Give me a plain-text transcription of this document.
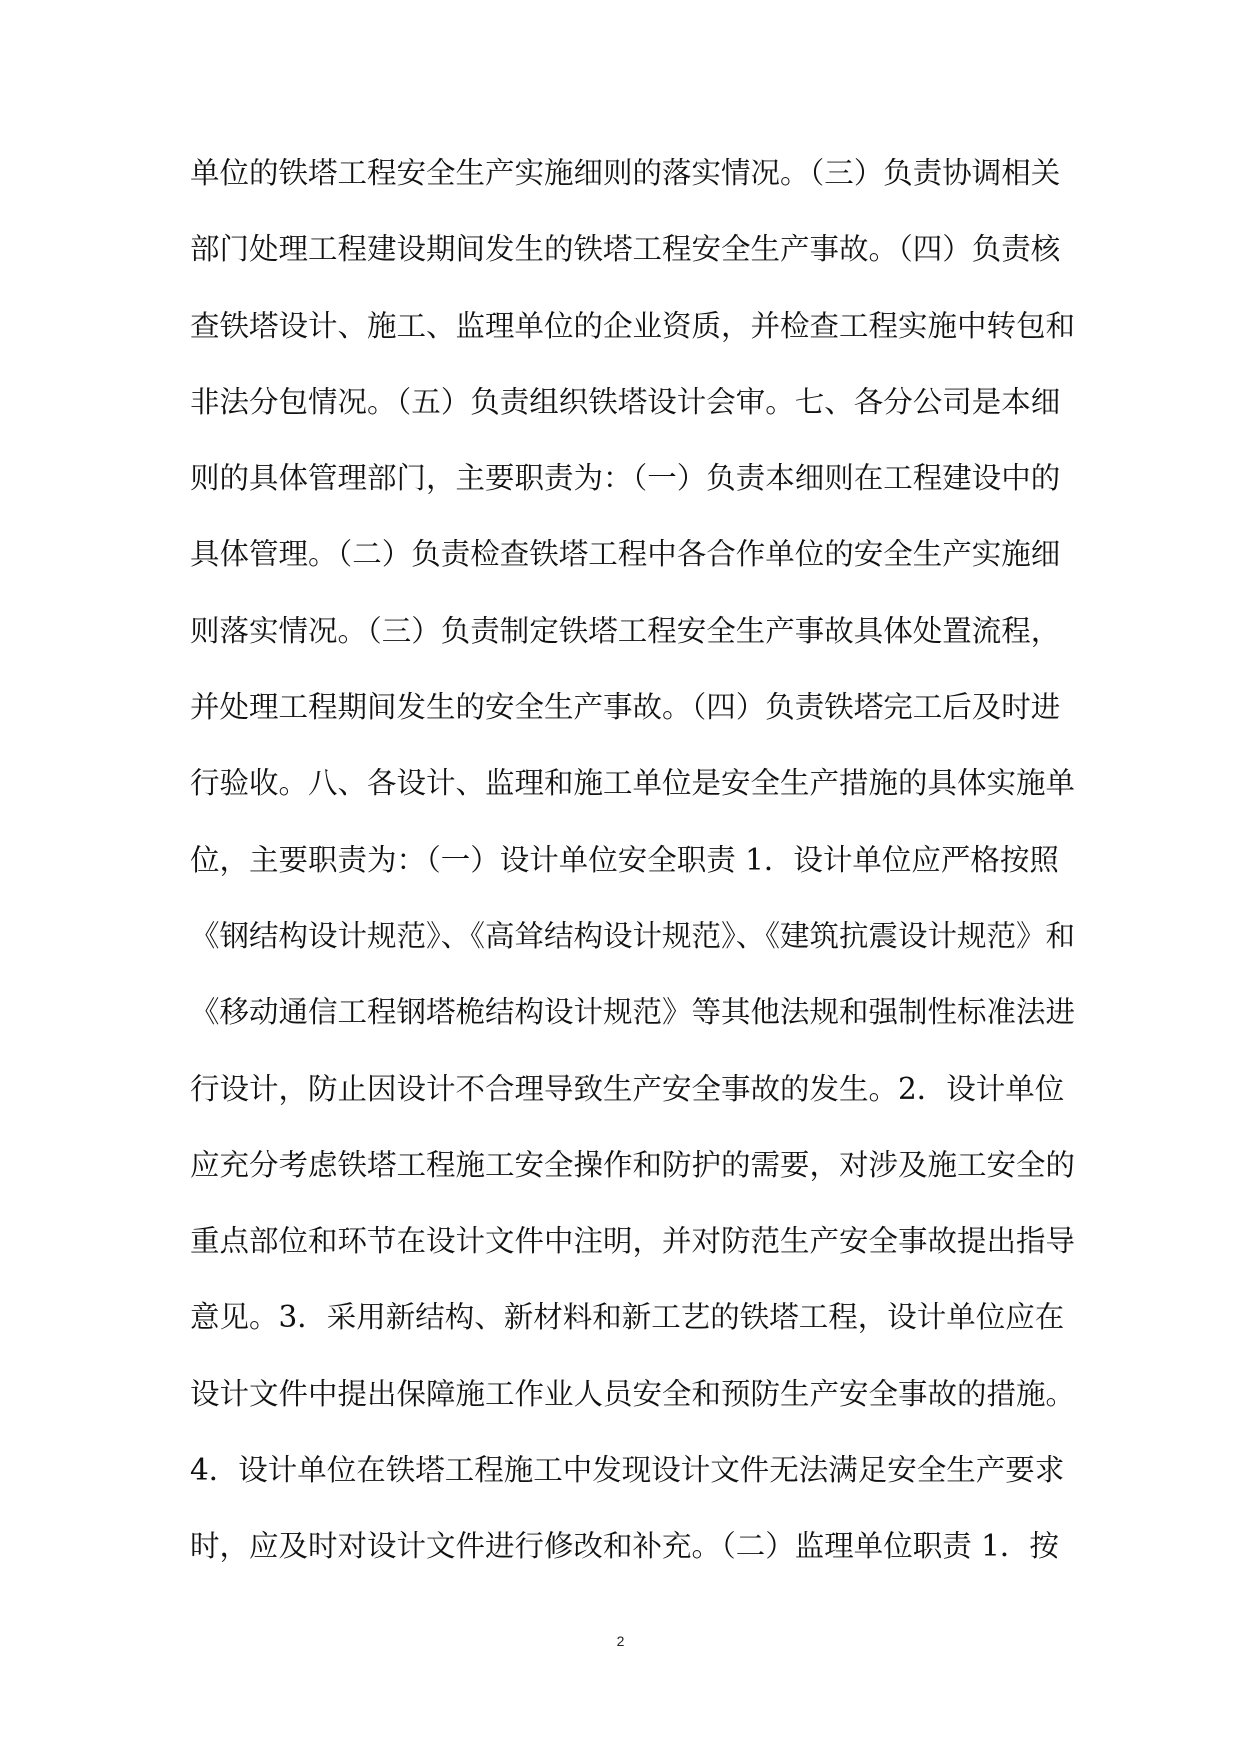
单位的铁塔工程安全生产实施细则的落实情况。（三）负责协调相关
部门处理工程建设期间发生的铁塔工程安全生产事故。（四）负责核
查铁塔设计、施工、监理单位的企业资质，并检查工程实施中转包和
非法分包情况。（五）负责组织铁塔设计会审。七、各分公司是本细
则的具体管理部门，主要职责为：（一）负责本细则在工程建设中的
具体管理。（二）负责检查铁塔工程中各合作单位的安全生产实施细
则落实情况。（三）负责制定铁塔工程安全生产事故具体处置流程，
并处理工程期间发生的安全生产事故。（四）负责铁塔完工后及时进
行验收。八、各设计、监理和施工单位是安全生产措施的具体实施单
位，主要职责为：（一）设计单位安全职责 1．设计单位应严格按照
《钢结构设计规范》、《高耸结构设计规范》、《建筑抗震设计规范》和
《移动通信工程钢塔桅结构设计规范》等其他法规和强制性标准法进
行设计，防止因设计不合理导致生产安全事故的发生。2．设计单位
应充分考虑铁塔工程施工安全操作和防护的需要，对涉及施工安全的
重点部位和环节在设计文件中注明，并对防范生产安全事故提出指导
意见。3．采用新结构、新材料和新工艺的铁塔工程，设计单位应在
设计文件中提出保障施工作业人员安全和预防生产安全事故的措施。
4．设计单位在铁塔工程施工中发现设计文件无法满足安全生产要求
时，应及时对设计文件进行修改和补充。（二）监理单位职责 1．按
2
